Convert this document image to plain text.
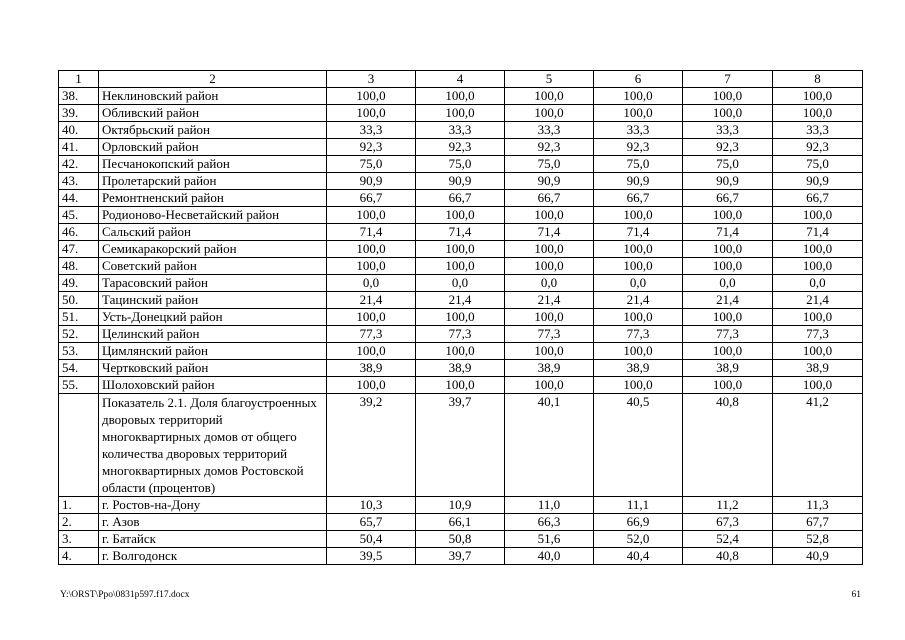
1	2	3	4	5	6	7	8
38.	Неклиновский район	100,0	100,0	100,0	100,0	100,0	100,0
39.	Обливский район	100,0	100,0	100,0	100,0	100,0	100,0
40.	Октябрьский район	33,3	33,3	33,3	33,3	33,3	33,3
41.	Орловский район	92,3	92,3	92,3	92,3	92,3	92,3
42.	Песчанокопский район	75,0	75,0	75,0	75,0	75,0	75,0
43.	Пролетарский район	90,9	90,9	90,9	90,9	90,9	90,9
44.	Ремонтненский район	66,7	66,7	66,7	66,7	66,7	66,7
45.	Родионово-Несветайский район	100,0	100,0	100,0	100,0	100,0	100,0
46.	Сальский район	71,4	71,4	71,4	71,4	71,4	71,4
47.	Семикаракорский район	100,0	100,0	100,0	100,0	100,0	100,0
48.	Советский район	100,0	100,0	100,0	100,0	100,0	100,0
49.	Тарасовский район	0,0	0,0	0,0	0,0	0,0	0,0
50.	Тацинский район	21,4	21,4	21,4	21,4	21,4	21,4
51.	Усть-Донецкий район	100,0	100,0	100,0	100,0	100,0	100,0
52.	Целинский район	77,3	77,3	77,3	77,3	77,3	77,3
53.	Цимлянский район	100,0	100,0	100,0	100,0	100,0	100,0
54.	Чертковский район	38,9	38,9	38,9	38,9	38,9	38,9
55.	Шолоховский район	100,0	100,0	100,0	100,0	100,0	100,0
	Показатель 2.1. Доля благоустроенных дворовых территорий многоквартирных домов от общего количества дворовых территорий многоквартирных домов Ростовской области (процентов)	39,2	39,7	40,1	40,5	40,8	41,2
1.	г. Ростов-на-Дону	10,3	10,9	11,0	11,1	11,2	11,3
2.	г. Азов	65,7	66,1	66,3	66,9	67,3	67,7
3.	г. Батайск	50,4	50,8	51,6	52,0	52,4	52,8
4.	г. Волгодонск	39,5	39,7	40,0	40,4	40,8	40,9
Y:\ORST\Ppo\0831p597.f17.docx	61
